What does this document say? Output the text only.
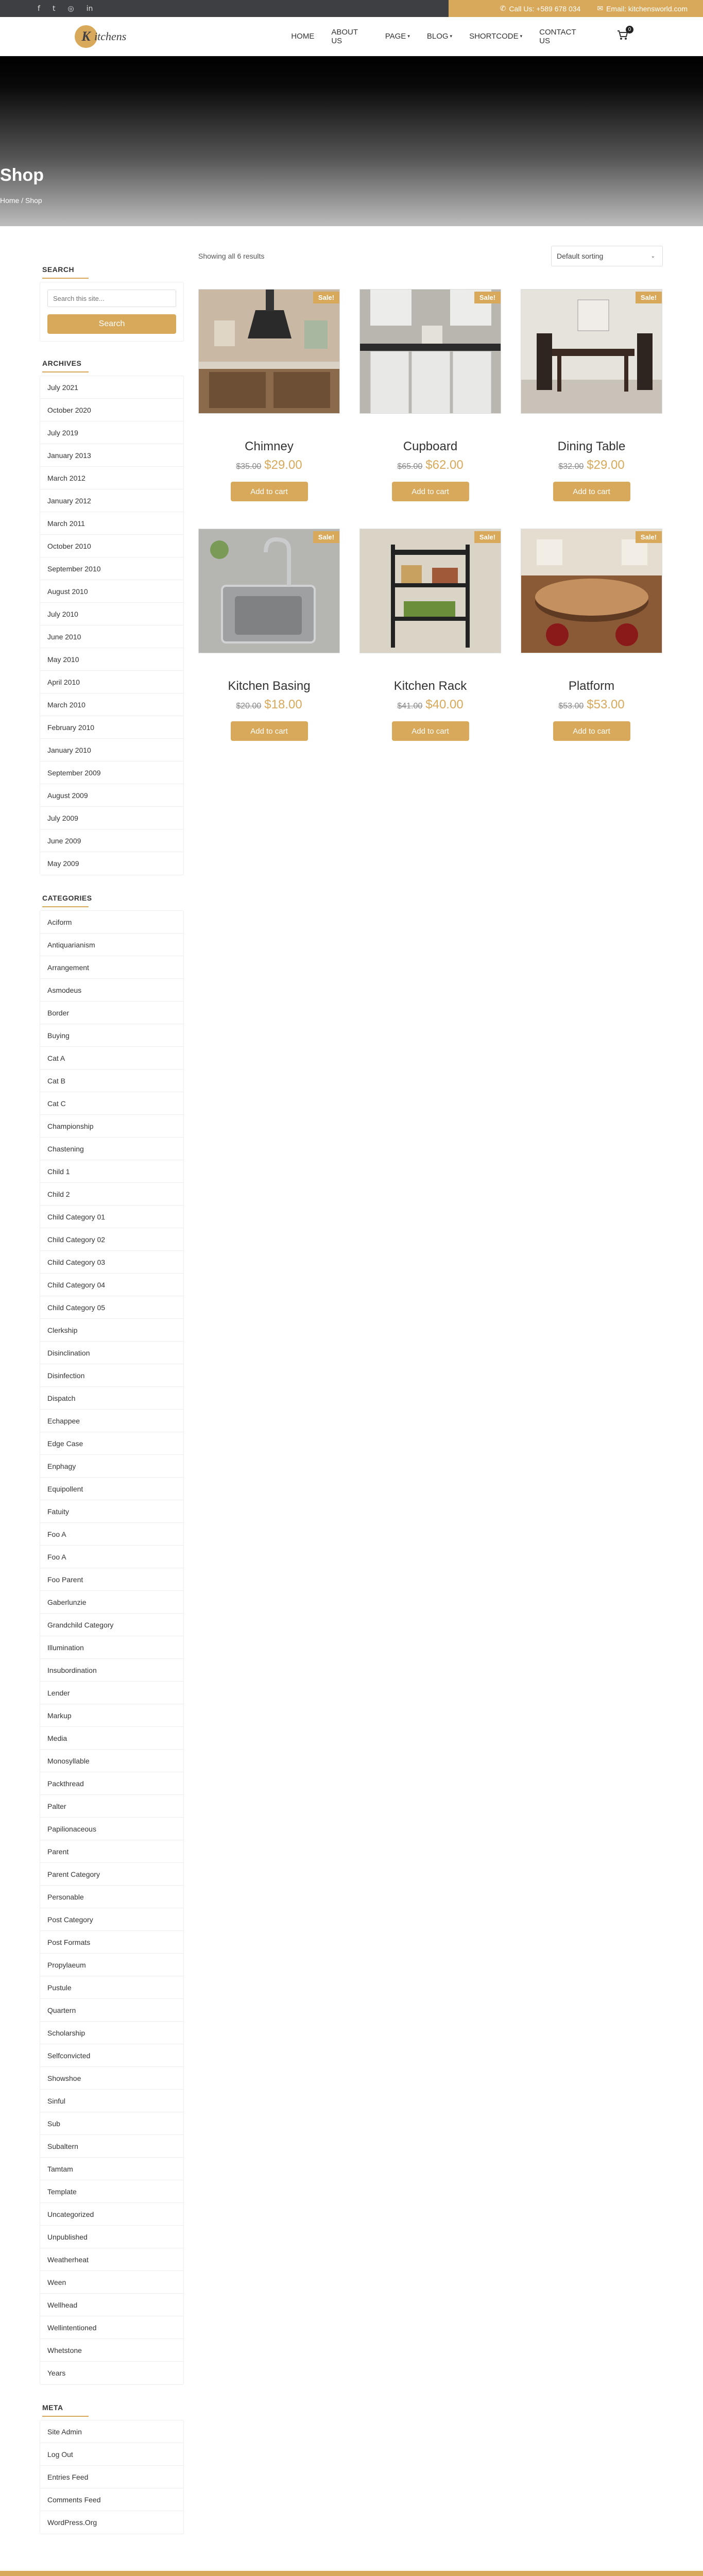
f t ◎ in	✆ Call Us: +589 678 034 ✉ Email: kitchensworld.com
K itchens	HOME ABOUT US	PAGE ▾ BLOG ▾ SHORTCODE ▾ CONTACT US
0
Shop
Home / Shop
SEARCH
Search this site... Search
ARCHIVES
July 2021
October 2020
July 2019
January 2013
March 2012
January 2012
March 2011
October 2010
September 2010
August 2010
July 2010
June 2010
May 2010
April 2010
March 2010
February 2010
January 2010
September 2009
August 2009
July 2009
June 2009
May 2009
CATEGORIES
Aciform
Antiquarianism
Arrangement
Asmodeus
Border
Buying
Cat A
Cat B
Cat C
Championship
Chastening
Child 1
Child 2
Child Category 01
Child Category 02
Child Category 03
Child Category 04
Child Category 05
Clerkship
Disinclination
Disinfection
Dispatch
Echappee
Edge Case
Enphagy
Equipollent
Fatuity
Foo A
Foo A
Foo Parent
Gaberlunzie
Grandchild Category
Illumination
Insubordination
Lender
Markup
Media
Monosyllable
Packthread
Palter
Papilionaceous
Parent
Parent Category
Personable
Post Category
Post Formats
Propylaeum
Pustule
Quartern
Scholarship
Selfconvicted
Showshoe
Sinful
Sub
Subaltern
Tamtam
Template
Uncategorized
Unpublished
Weatherheat
Ween
Wellhead
Wellintentioned
Whetstone
Years
META
Site Admin
Log Out
Entries Feed
Comments Feed
WordPress.Org
Showing all 6 results	Default sorting	⌄
Sale!
Chimney
$35.00 $29.00
Add to cart
Sale!
Cupboard
$65.00 $62.00
Add to cart
Sale!
Dining Table
$32.00 $29.00
Add to cart
Sale!
Kitchen Basing
$20.00 $18.00
Add to cart
Sale!
Kitchen Rack
$41.00 $40.00
Add to cart
Sale!
Platform
$53.00 $53.00
Add to cart
